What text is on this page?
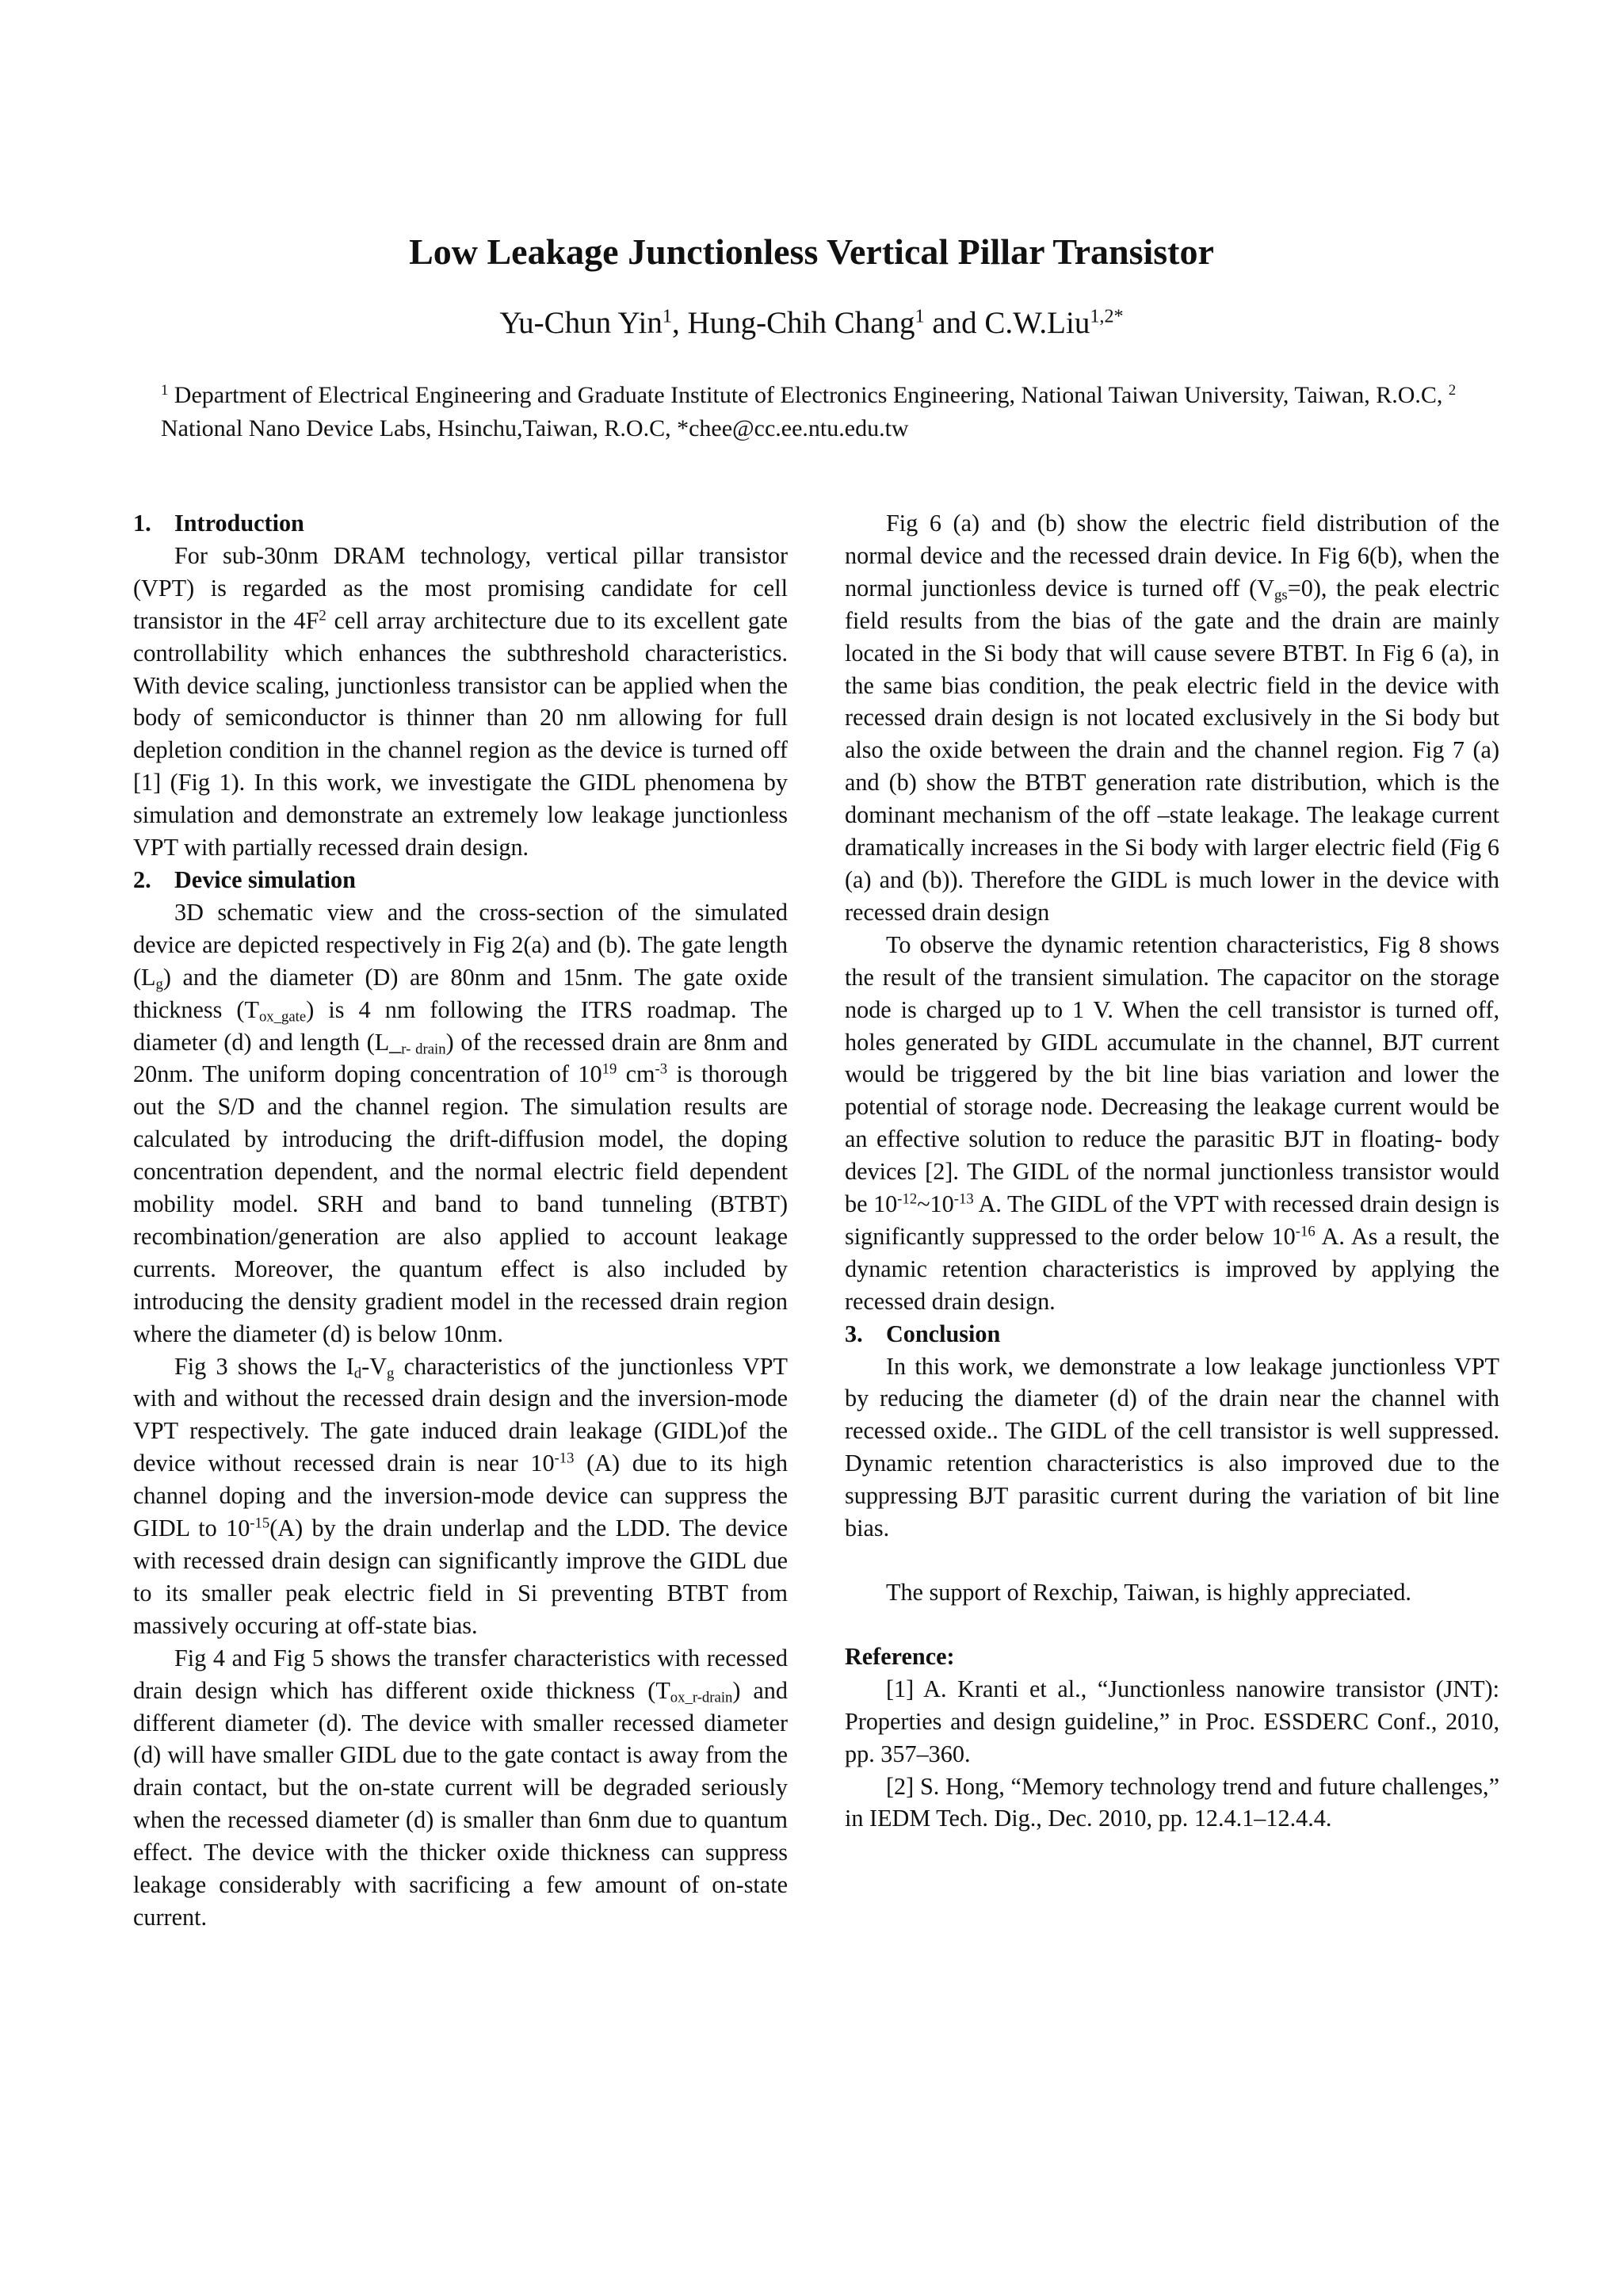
Low Leakage Junctionless Vertical Pillar Transistor
Yu-Chun Yin$^1$, Hung-Chih Chang$^1$ and C.W.Liu$^{1,2*}$
$^1$ Department of Electrical Engineering and Graduate Institute of Electronics Engineering, National Taiwan University, Taiwan, R.O.C, $^2$ National Nano Device Labs, Hsinchu,Taiwan, R.O.C, *chee@cc.ee.ntu.edu.tw
1. Introduction

For sub-30nm DRAM technology, vertical pillar transistor (VPT) is regarded as the most promising candidate for cell transistor in the $4F^2$ cell array architecture due to its excellent gate controllability which enhances the subthreshold characteristics. With device scaling, junctionless transistor can be applied when the body of semiconductor is thinner than 20 nm allowing for full depletion condition in the channel region as the device is turned off [1] (Fig 1). In this work, we investigate the GIDL phenomena by simulation and demonstrate an extremely low leakage junctionless VPT with partially recessed drain design.

2. Device simulation

3D schematic view and the cross-section of the simulated device are depicted respectively in Fig 2(a) and (b). The gate length $(L_g)$ and the diameter (D) are 80nm and 15nm. The gate oxide thickness $(T_{ox\_gate})$ is 4 nm following the ITRS roadmap. The diameter (d) and length $(L\__{r- drain})$ of the recessed drain are 8nm and 20nm. The uniform doping concentration of $10^{19}$ $cm^{-3}$ is thorough out the S/D and the channel region. The simulation results are calculated by introducing the drift-diffusion model, the doping concentration dependent, and the normal electric field dependent mobility model. SRH and band to band tunneling (BTBT) recombination/generation are also applied to account leakage currents. Moreover, the quantum effect is also included by introducing the density gradient model in the recessed drain region where the diameter (d) is below 10nm.

Fig 3 shows the $I_d-V_g$ characteristics of the junctionless VPT with and without the recessed drain design and the inversion-mode VPT respectively. The gate induced drain leakage (GIDL)of the device without recessed drain is near $10^{-13}$ (A) due to its high channel doping and the inversion-mode device can suppress the GIDL to $10^{-15}(A)$ by the drain underlap and the LDD. The device with recessed drain design can significantly improve the GIDL due to its smaller peak electric field in Si preventing BTBT from massively occuring at off-state bias.

Fig 4 and Fig 5 shows the transfer characteristics with recessed drain design which has different oxide thickness $(T_{ox\_r-drain})$ and different diameter (d). The device with smaller recessed diameter (d) will have smaller GIDL due to the gate contact is away from the drain contact, but the on-state current will be degraded seriously when the recessed diameter (d) is smaller than 6nm due to quantum effect. The device with the thicker oxide thickness can suppress leakage considerably with sacrificing a few amount of on-state current.

Fig 6 (a) and (b) show the electric field distribution of the normal device and the recessed drain device. In Fig 6(b), when the normal junctionless device is turned off $(V_{gs}=0)$, the peak electric field results from the bias of the gate and the drain are mainly located in the Si body that will cause severe BTBT. In Fig 6 (a), in the same bias condition, the peak electric field in the device with recessed drain design is not located exclusively in the Si body but also the oxide between the drain and the channel region. Fig 7 (a) and (b) show the BTBT generation rate distribution, which is the dominant mechanism of the off –state leakage. The leakage current dramatically increases in the Si body with larger electric field (Fig 6 (a) and (b)). Therefore the GIDL is much lower in the device with recessed drain design

To observe the dynamic retention characteristics, Fig 8 shows the result of the transient simulation. The capacitor on the storage node is charged up to 1 V. When the cell transistor is turned off, holes generated by GIDL accumulate in the channel, BJT current would be triggered by the bit line bias variation and lower the potential of storage node. Decreasing the leakage current would be an effective solution to reduce the parasitic BJT in floating- body devices [2]. The GIDL of the normal junctionless transistor would be $10^{-12}\sim 10^{-13}$ A. The GIDL of the VPT with recessed drain design is significantly suppressed to the order below $10^{-16}$ A. As a result, the dynamic retention characteristics is improved by applying the recessed drain design.

3. Conclusion

In this work, we demonstrate a low leakage junctionless VPT by reducing the diameter (d) of the drain near the channel with recessed oxide.. The GIDL of the cell transistor is well suppressed. Dynamic retention characteristics is also improved due to the suppressing BJT parasitic current during the variation of bit line bias.

The support of Rexchip, Taiwan, is highly appreciated.

Reference:

[1] A. Kranti et al., “Junctionless nanowire transistor (JNT): Properties and design guideline,” in Proc. ESSDERC Conf., 2010, pp. 357–360.

[2] S. Hong, “Memory technology trend and future challenges,” in IEDM Tech. Dig., Dec. 2010, pp. 12.4.1–12.4.4.
